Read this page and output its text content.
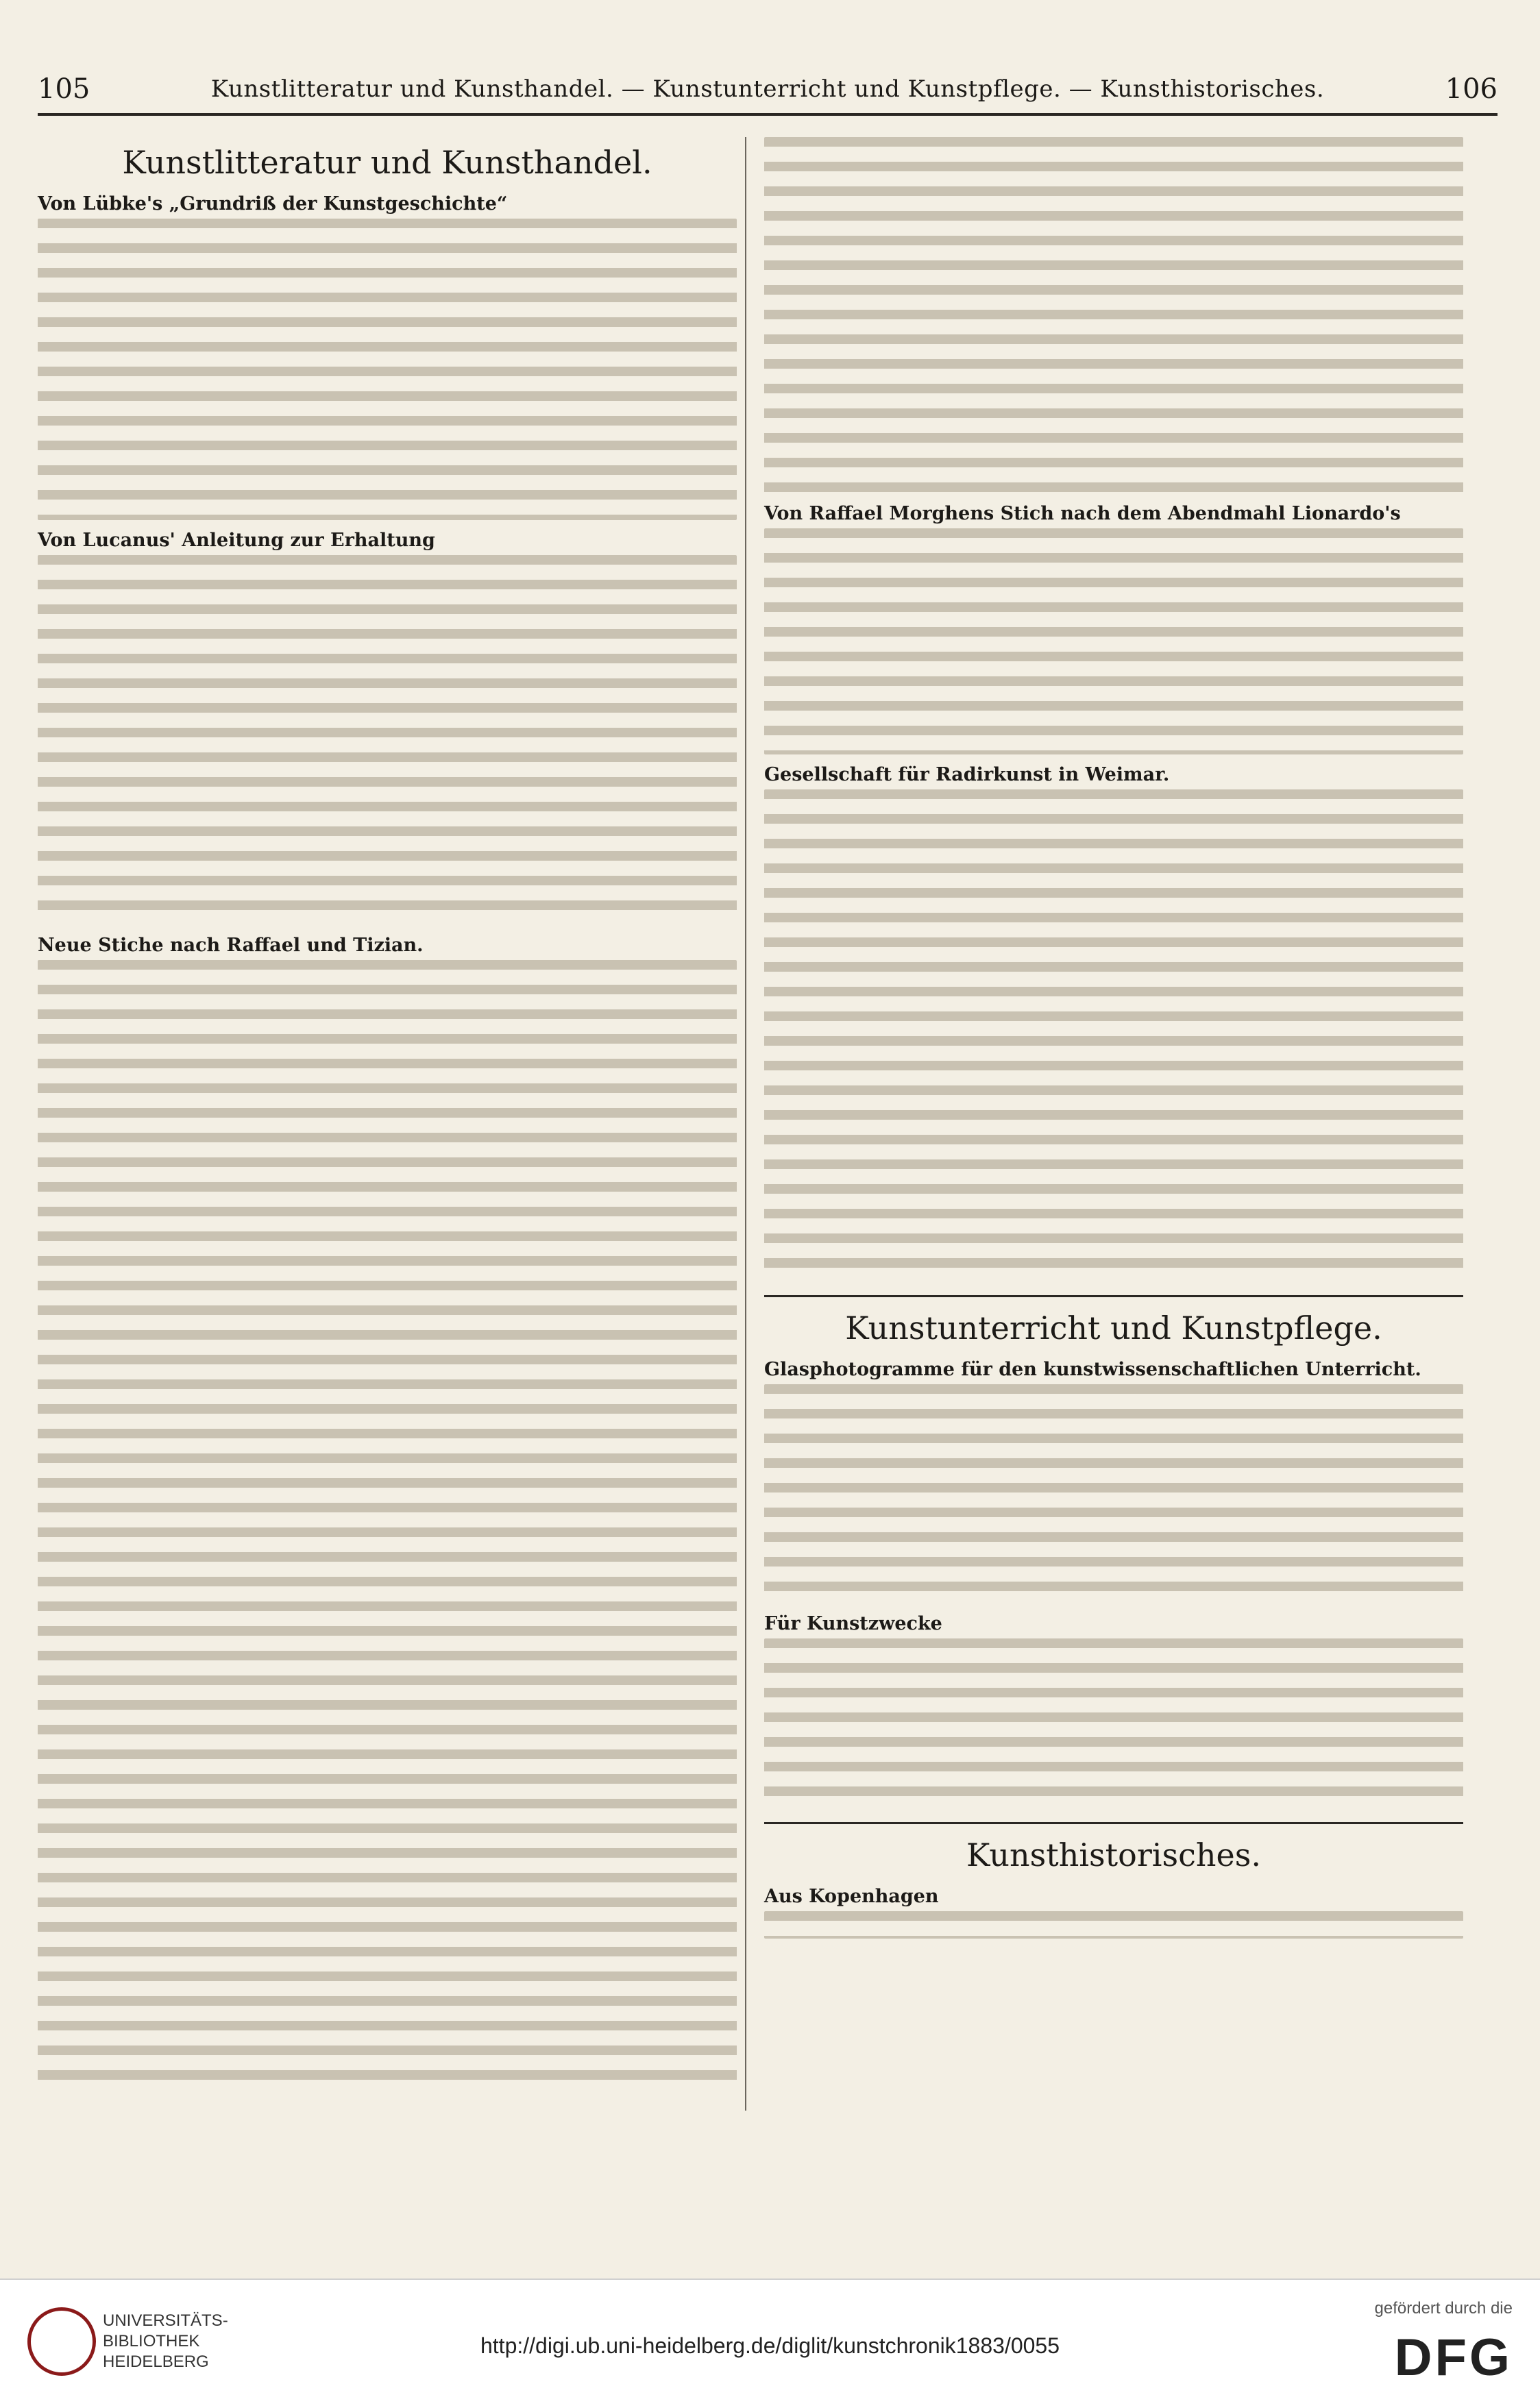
105	Kunstlitteratur und Kunsthandel. — Kunstunterricht und Kunstpflege. — Kunsthistorisches.	106
Kunstlitteratur und Kunsthandel.
Von Lübke's „Grundriß der Kunstgeschichte“
Von Lucanus' Anleitung zur Erhaltung
Neue Stiche nach Raffael und Tizian.
Von Raffael Morghens Stich nach dem Abendmahl Lionardo's
Gesellschaft für Radirkunst in Weimar.
Kunstunterricht und Kunstpflege.
Glasphotogramme für den kunstwissenschaftlichen Unterricht.
Für Kunstzwecke
Kunsthistorisches.
Aus Kopenhagen
UNIVERSITÄTS- BIBLIOTHEK HEIDELBERG
http://digi.ub.uni-heidelberg.de/diglit/kunstchronik1883/0055
gefördert durch die
DFG
